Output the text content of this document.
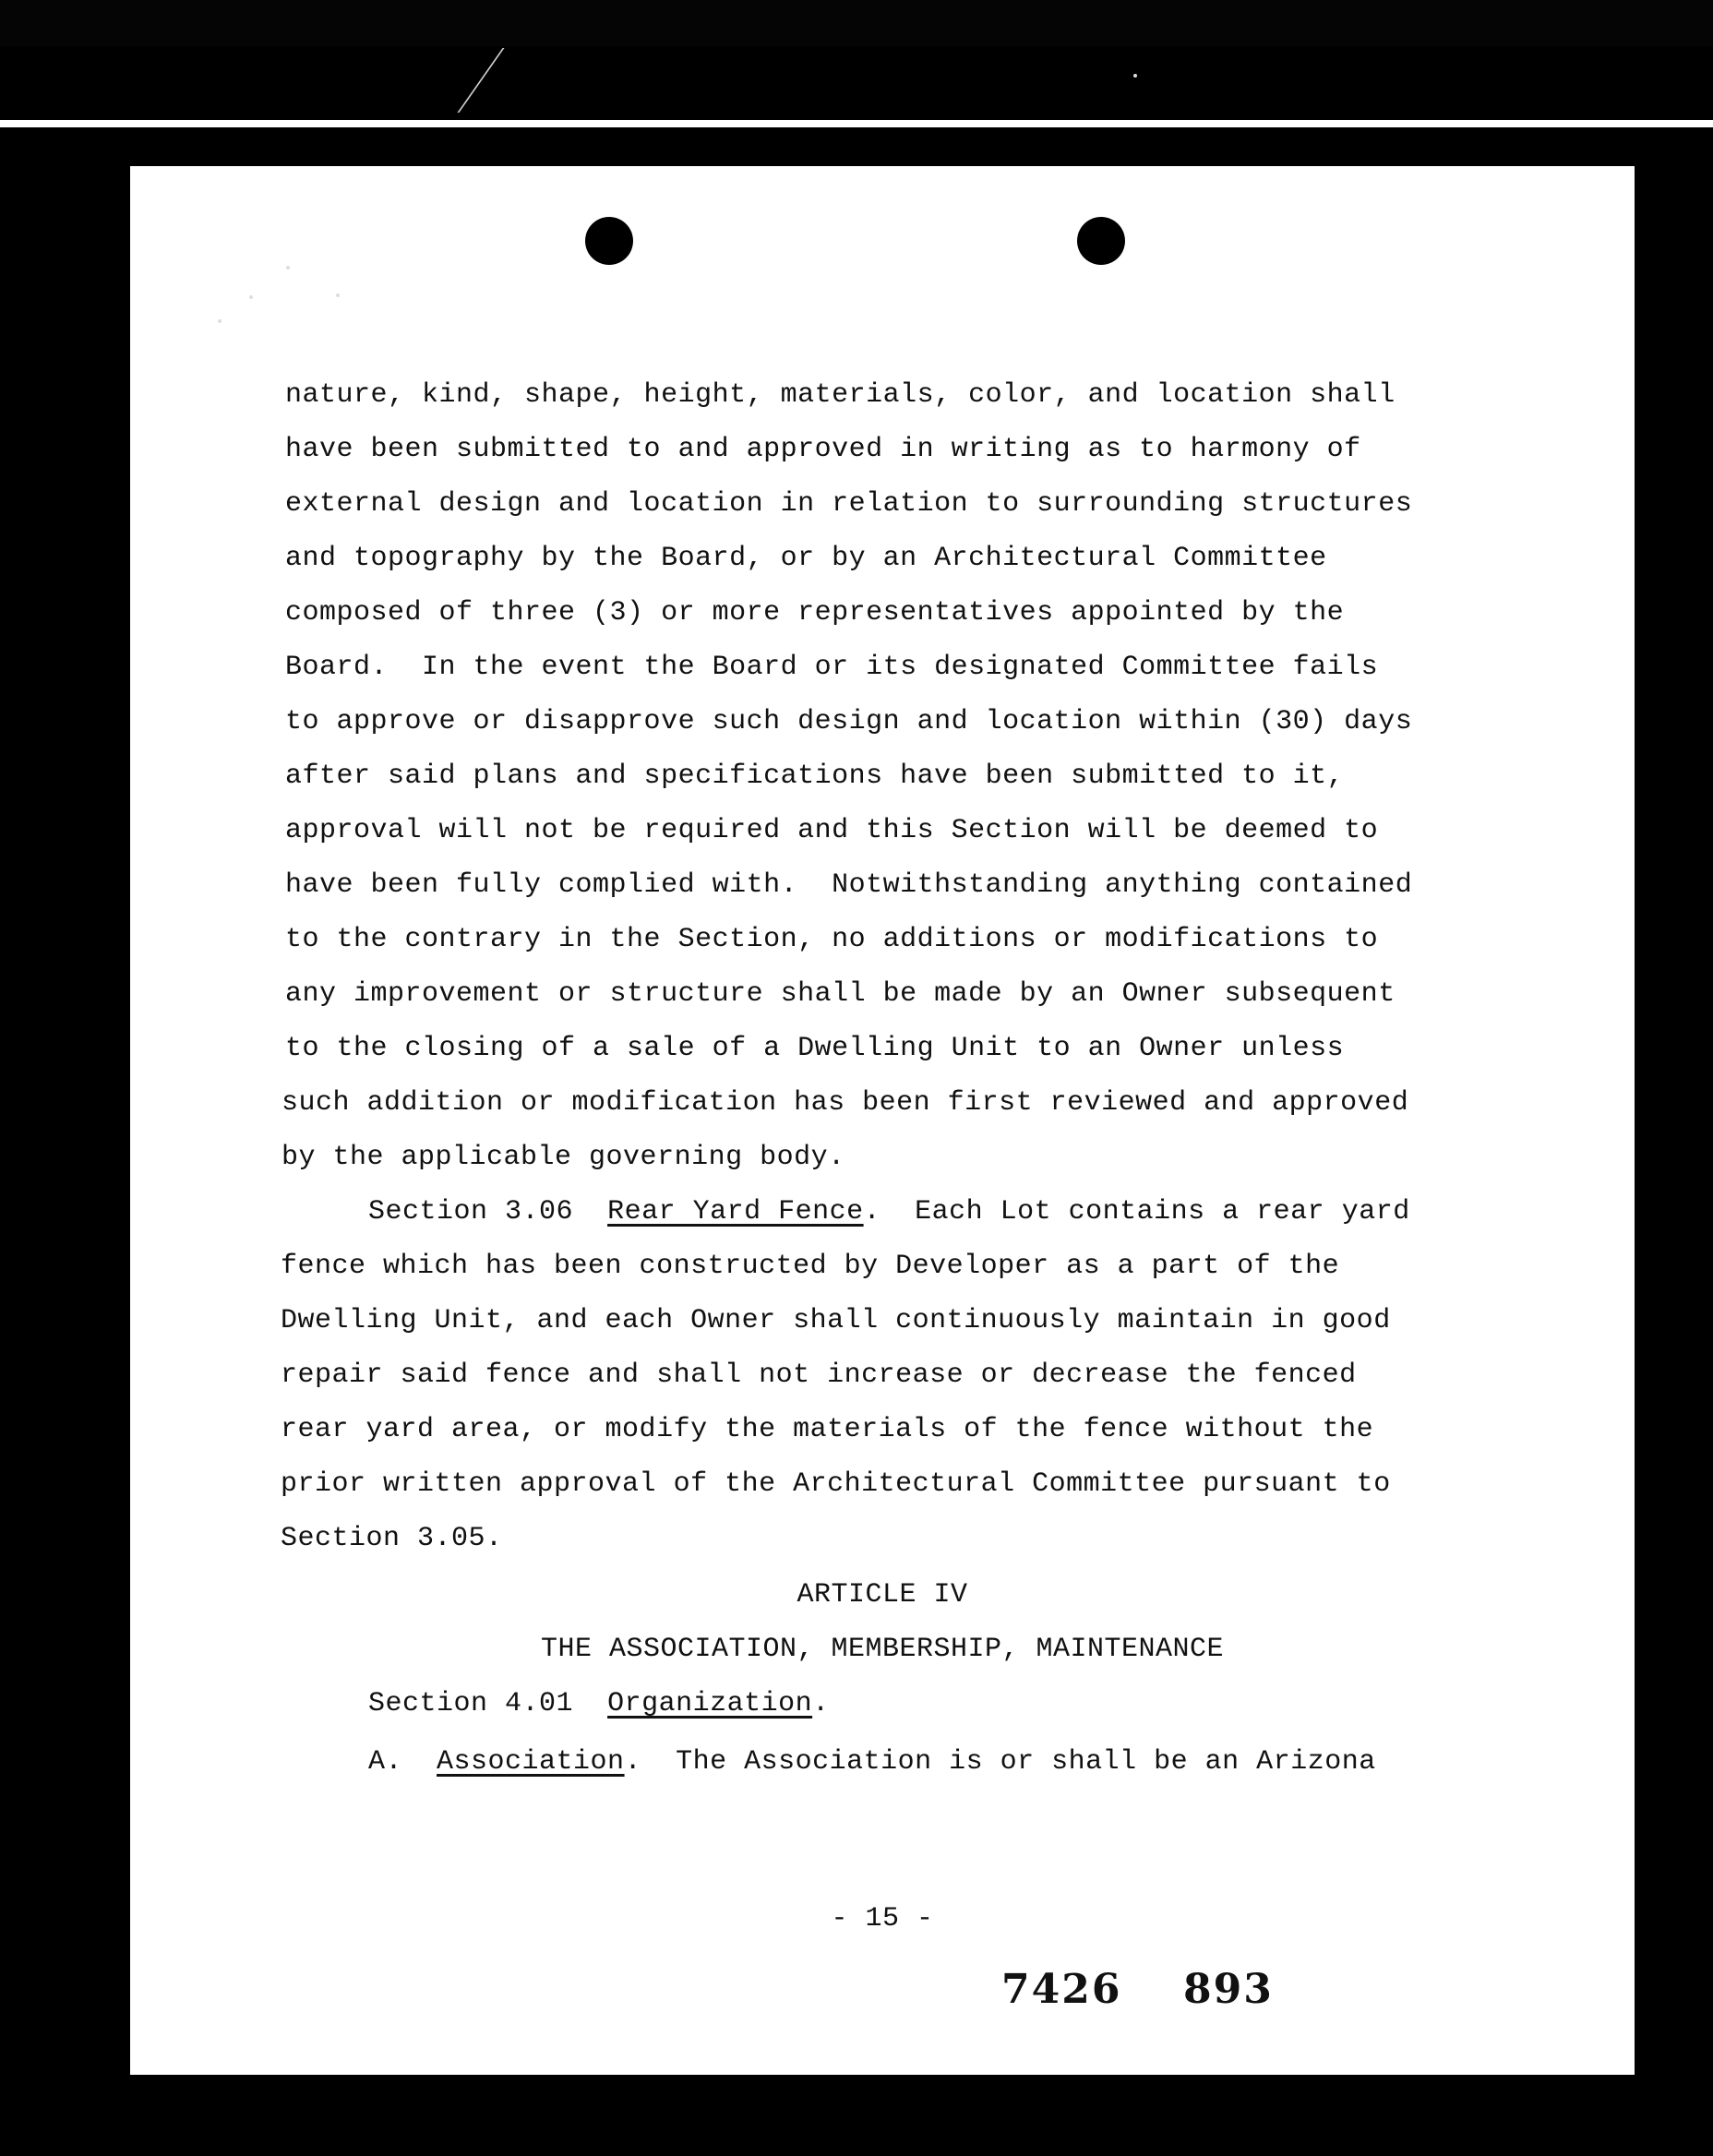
nature, kind, shape, height, materials, color, and location shall
have been submitted to and approved in writing as to harmony of
external design and location in relation to surrounding structures
and topography by the Board, or by an Architectural Committee
composed of three (3) or more representatives appointed by the
Board.  In the event the Board or its designated Committee fails
to approve or disapprove such design and location within (30) days
after said plans and specifications have been submitted to it,
approval will not be required and this Section will be deemed to
have been fully complied with.  Notwithstanding anything contained
to the contrary in the Section, no additions or modifications to
any improvement or structure shall be made by an Owner subsequent
to the closing of a sale of a Dwelling Unit to an Owner unless
such addition or modification has been first reviewed and approved
by the applicable governing body.
Section 3.06 Rear Yard Fence.  Each Lot contains a rear yard
fence which has been constructed by Developer as a part of the
Dwelling Unit, and each Owner shall continuously maintain in good
repair said fence and shall not increase or decrease the fenced
rear yard area, or modify the materials of the fence without the
prior written approval of the Architectural Committee pursuant to
Section 3.05.
ARTICLE IV
THE ASSOCIATION, MEMBERSHIP, MAINTENANCE
Section 4.01 Organization.
A. Association.  The Association is or shall be an Arizona
- 15 -
7426 893
